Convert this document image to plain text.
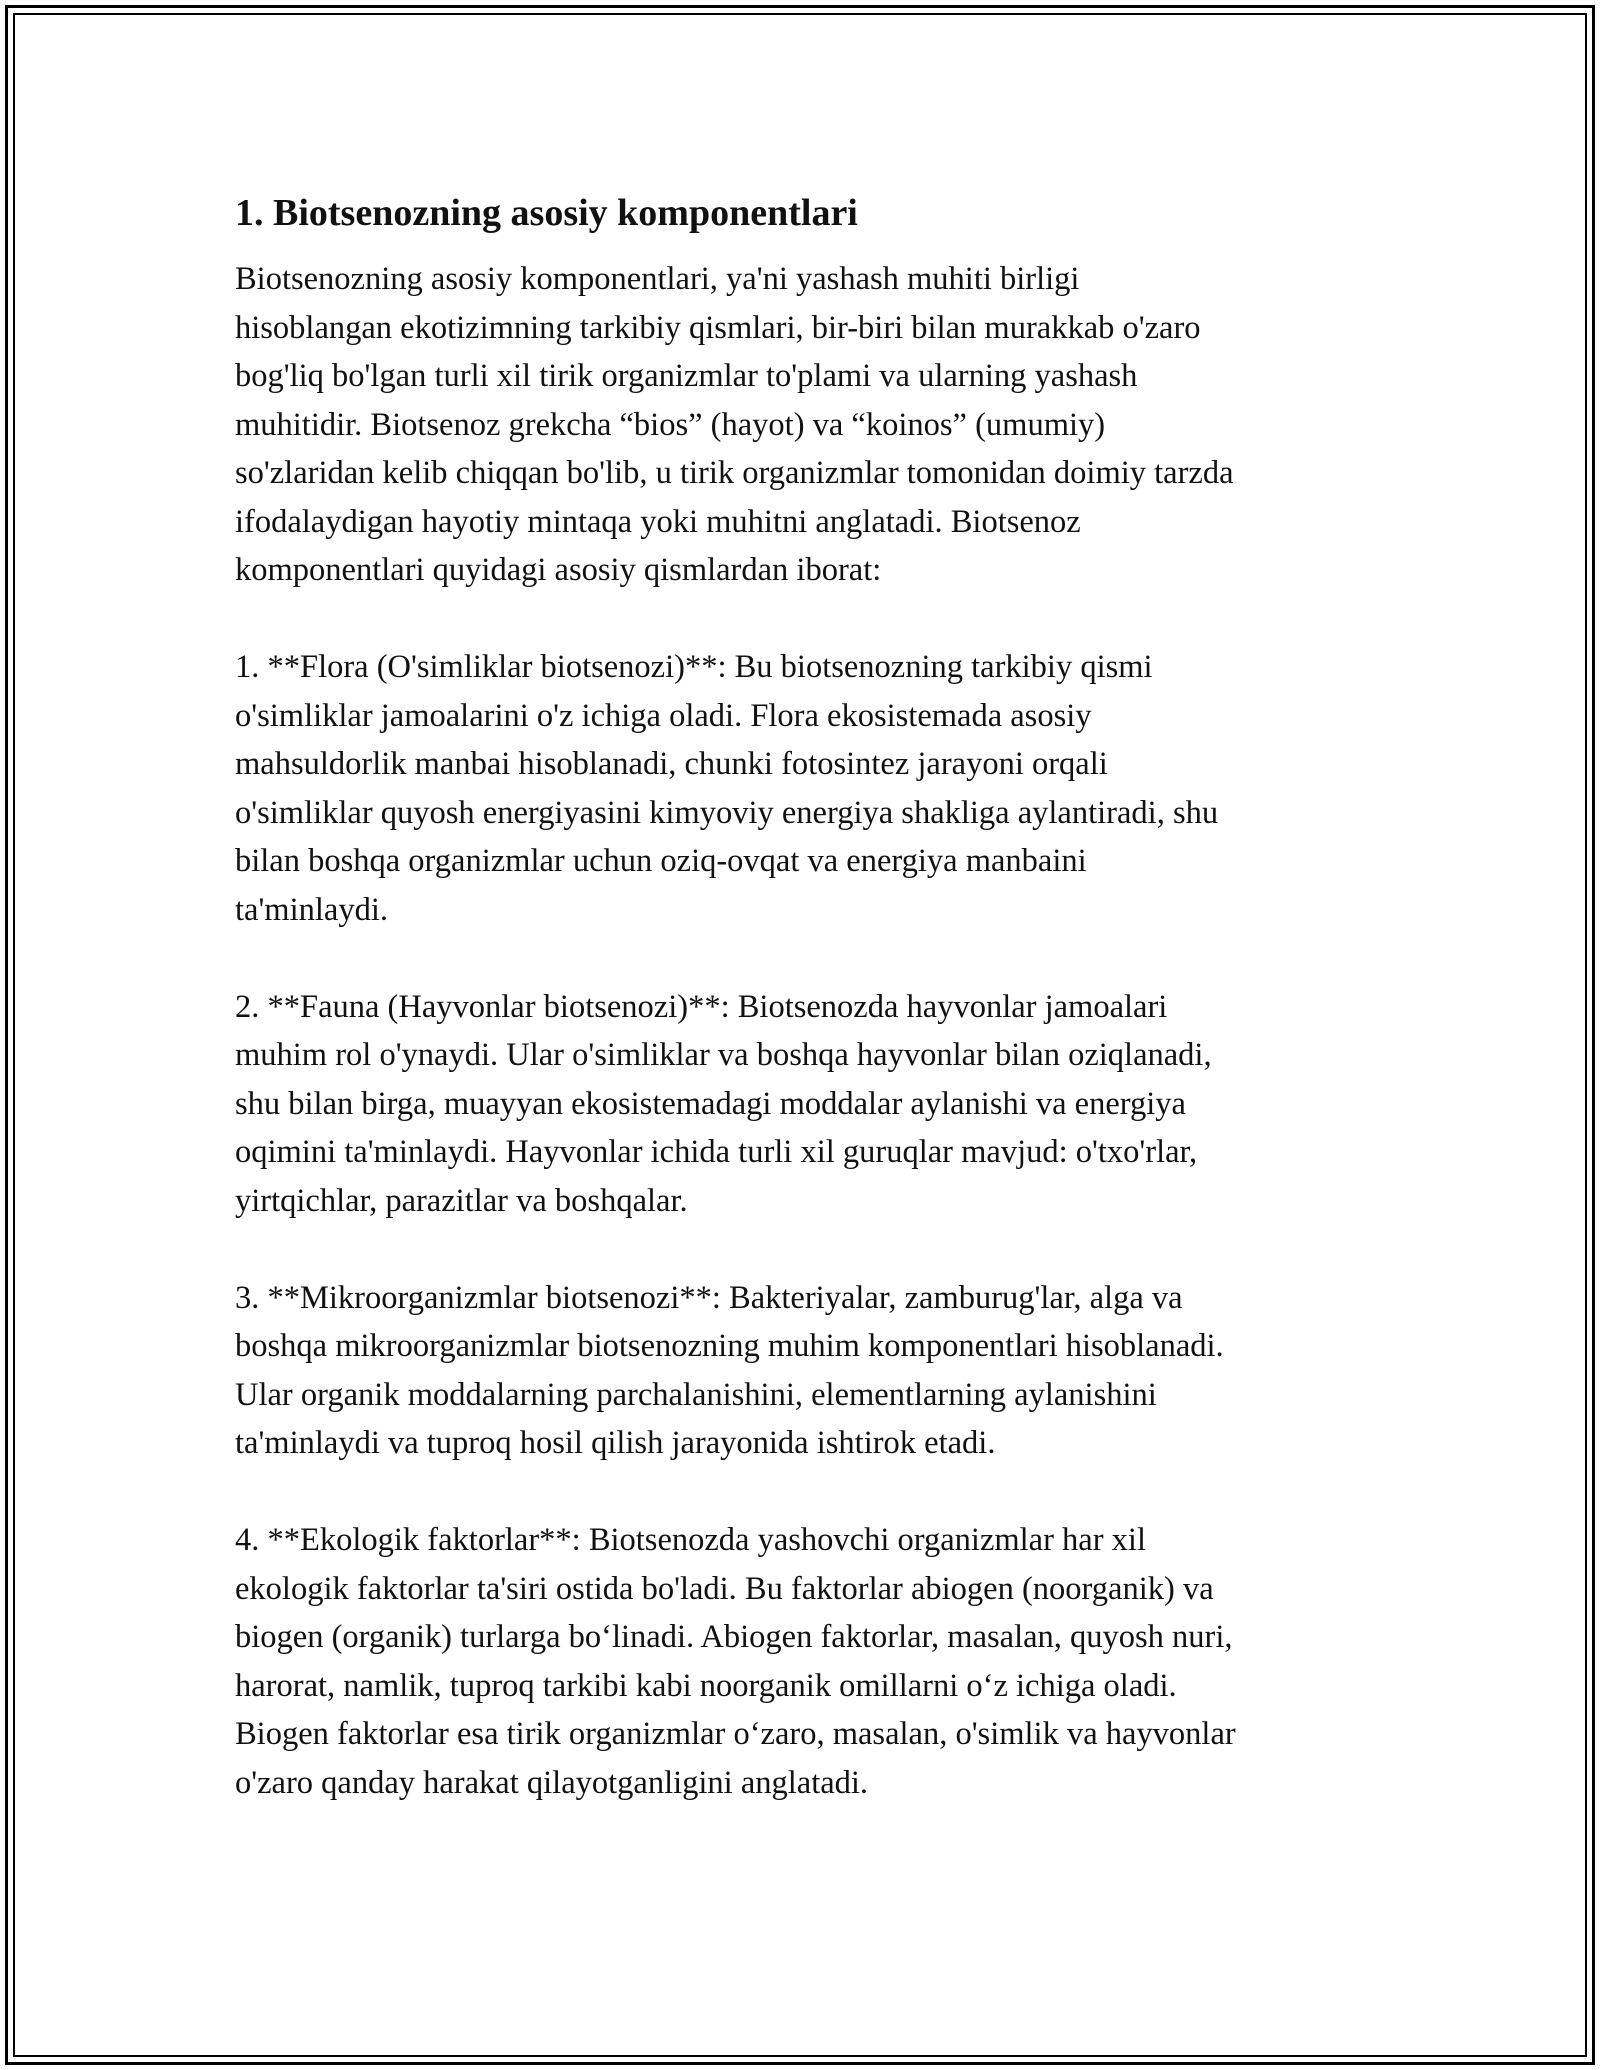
1. Biotsenozning asosiy komponentlari
Biotsenozning asosiy komponentlari, ya'ni yashash muhiti birligi
hisoblangan ekotizimning tarkibiy qismlari, bir-biri bilan murakkab o'zaro
bog'liq bo'lgan turli xil tirik organizmlar to'plami va ularning yashash
muhitidir. Biotsenoz grekcha “bios” (hayot) va “koinos” (umumiy)
so'zlaridan kelib chiqqan bo'lib, u tirik organizmlar tomonidan doimiy tarzda
ifodalaydigan hayotiy mintaqa yoki muhitni anglatadi. Biotsenoz
komponentlari quyidagi asosiy qismlardan iborat:
1. **Flora (O'simliklar biotsenozi)**: Bu biotsenozning tarkibiy qismi
o'simliklar jamoalarini o'z ichiga oladi. Flora ekosistemada asosiy
mahsuldorlik manbai hisoblanadi, chunki fotosintez jarayoni orqali
o'simliklar quyosh energiyasini kimyoviy energiya shakliga aylantiradi, shu
bilan boshqa organizmlar uchun oziq-ovqat va energiya manbaini
ta'minlaydi.
2. **Fauna (Hayvonlar biotsenozi)**: Biotsenozda hayvonlar jamoalari
muhim rol o'ynaydi. Ular o'simliklar va boshqa hayvonlar bilan oziqlanadi,
shu bilan birga, muayyan ekosistemadagi moddalar aylanishi va energiya
oqimini ta'minlaydi. Hayvonlar ichida turli xil guruqlar mavjud: o'txo'rlar,
yirtqichlar, parazitlar va boshqalar.
3. **Mikroorganizmlar biotsenozi**: Bakteriyalar, zamburug'lar, alga va
boshqa mikroorganizmlar biotsenozning muhim komponentlari hisoblanadi.
Ular organik moddalarning parchalanishini, elementlarning aylanishini
ta'minlaydi va tuproq hosil qilish jarayonida ishtirok etadi.
4. **Ekologik faktorlar**: Biotsenozda yashovchi organizmlar har xil
ekologik faktorlar ta'siri ostida bo'ladi. Bu faktorlar abiogen (noorganik) va
biogen (organik) turlarga bo‘linadi. Abiogen faktorlar, masalan, quyosh nuri,
harorat, namlik, tuproq tarkibi kabi noorganik omillarni o‘z ichiga oladi.
Biogen faktorlar esa tirik organizmlar o‘zaro, masalan, o'simlik va hayvonlar
o'zaro qanday harakat qilayotganligini anglatadi.
